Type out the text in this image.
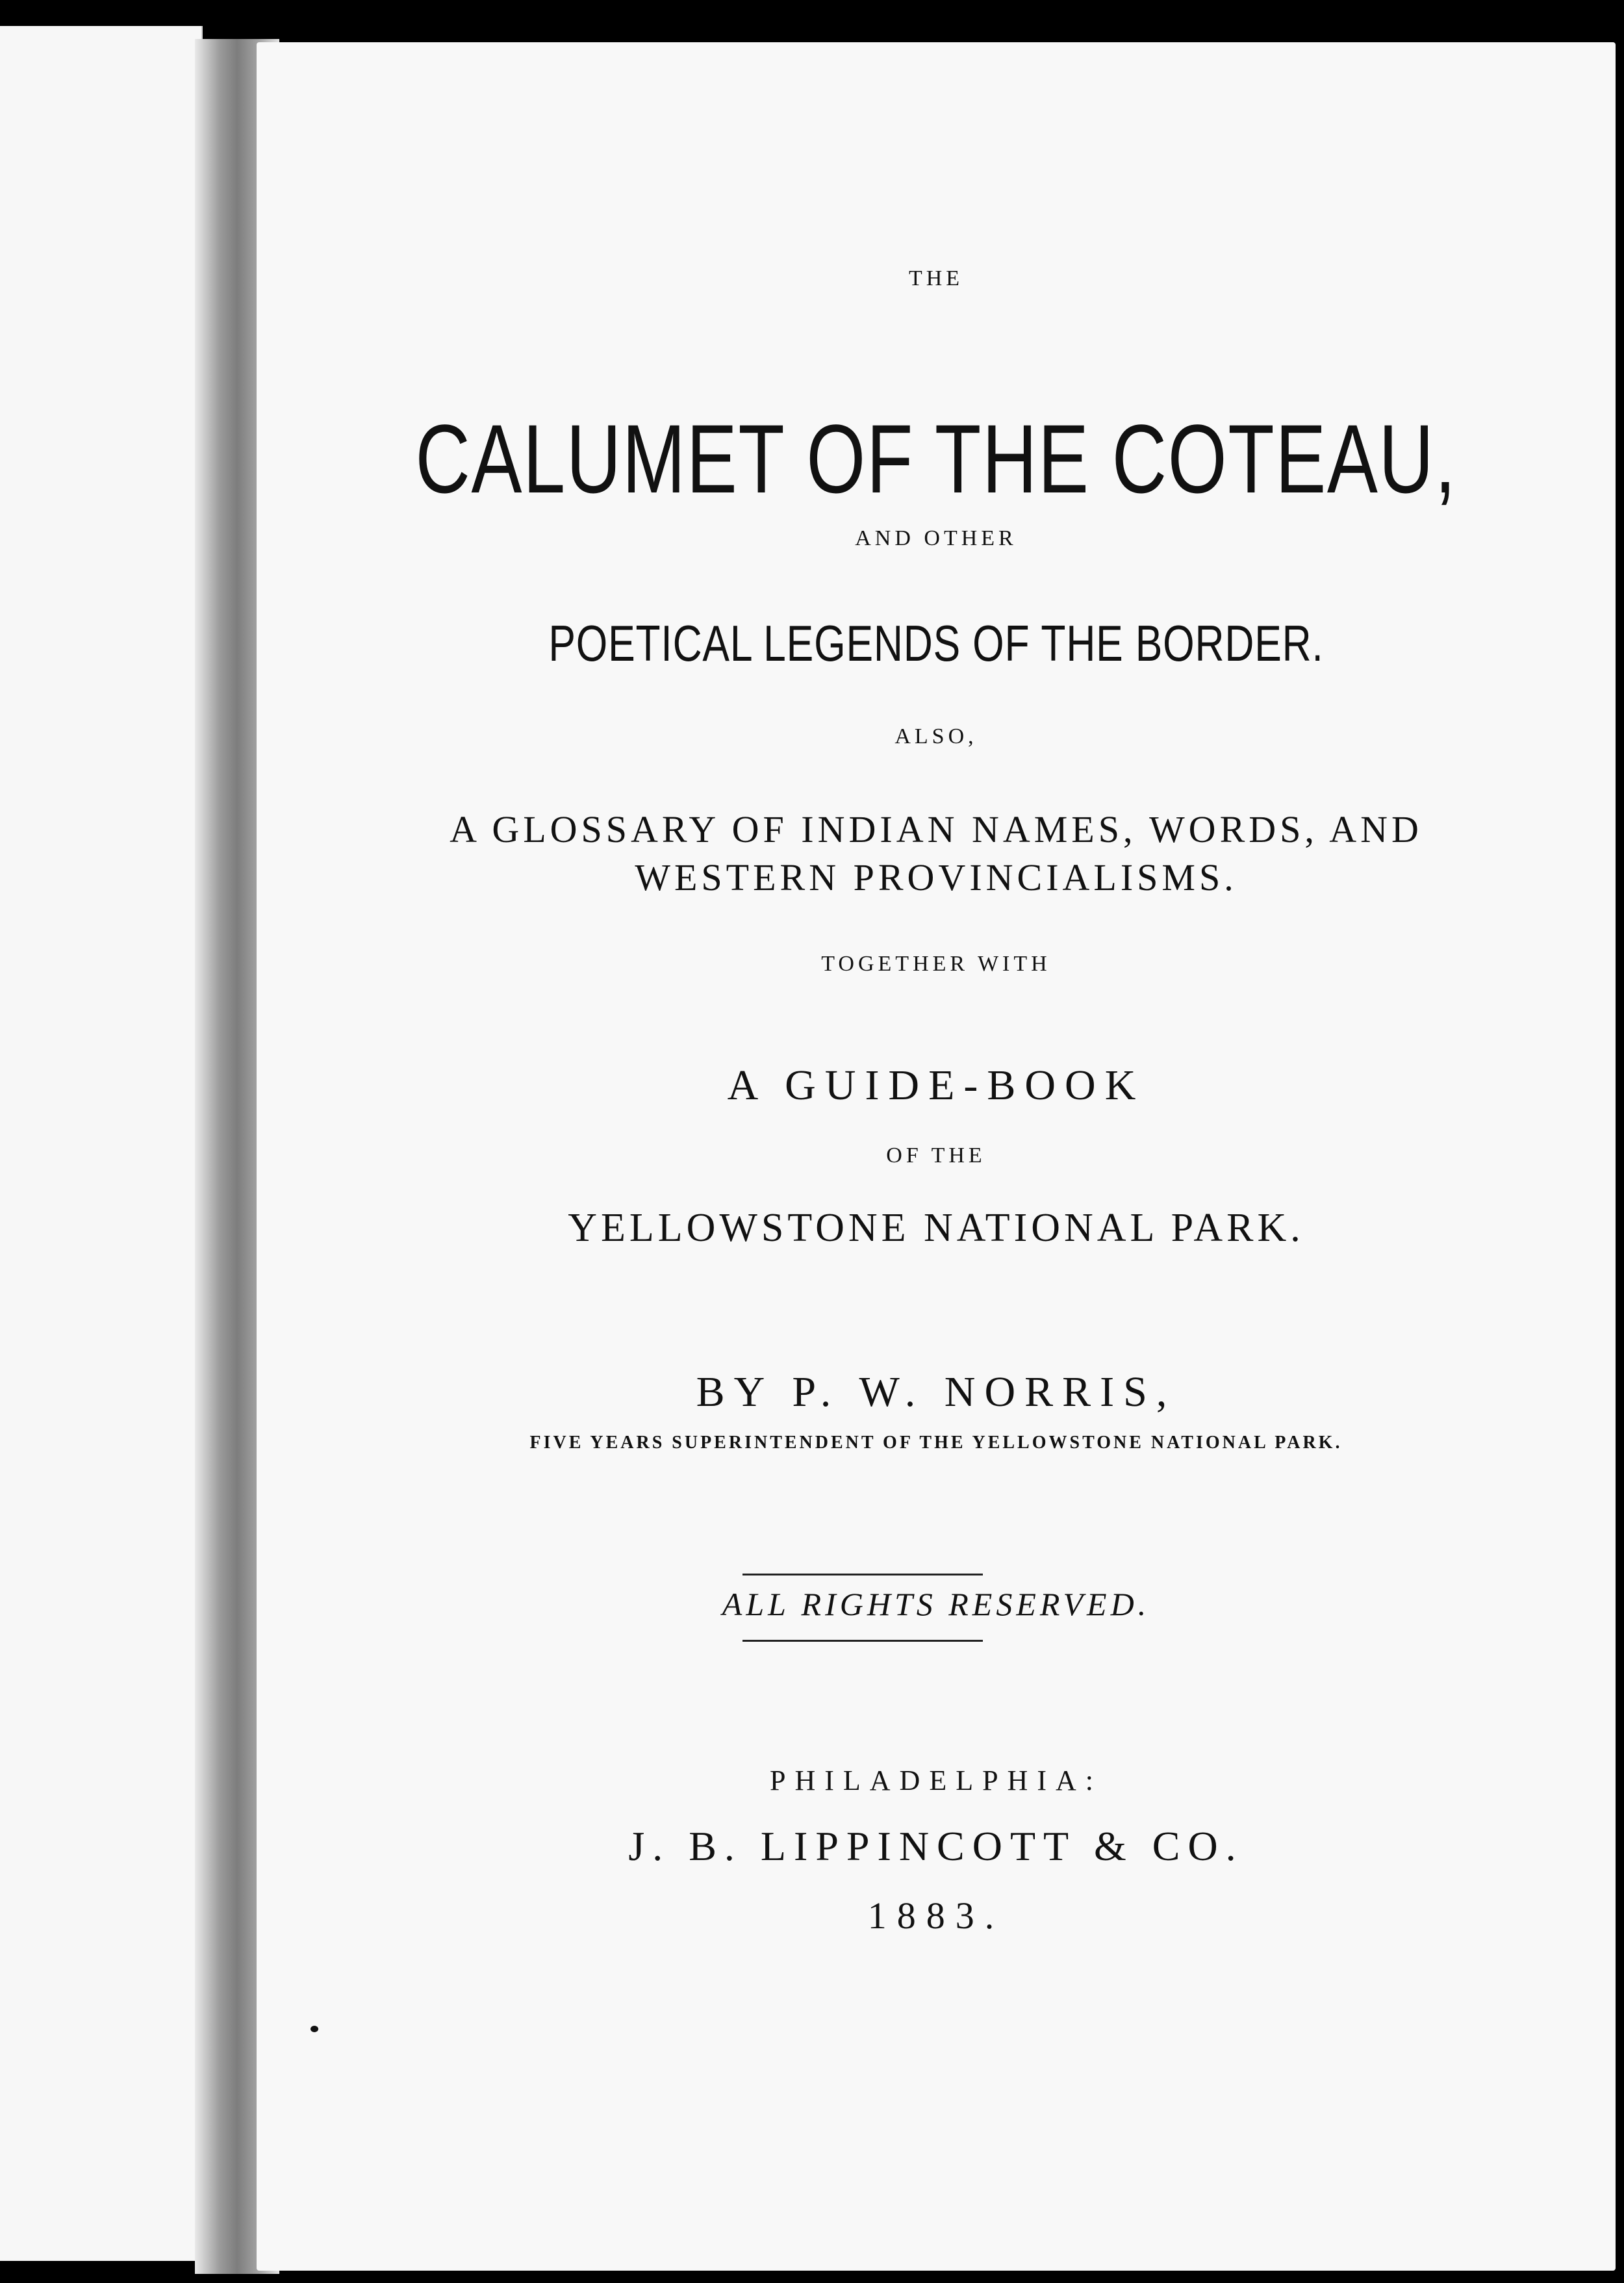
THE

CALUMET OF THE COTEAU,

AND OTHER

POETICAL LEGENDS OF THE BORDER.

ALSO,

A GLOSSARY OF INDIAN NAMES, WORDS, AND

WESTERN PROVINCIALISMS.

TOGETHER WITH

A GUIDE-BOOK

OF THE

YELLOWSTONE NATIONAL PARK.

BY P. W. NORRIS,

FIVE YEARS SUPERINTENDENT OF THE YELLOWSTONE NATIONAL PARK.

ALL RIGHTS RESERVED.

PHILADELPHIA:

J. B. LIPPINCOTT & CO.

1883.
